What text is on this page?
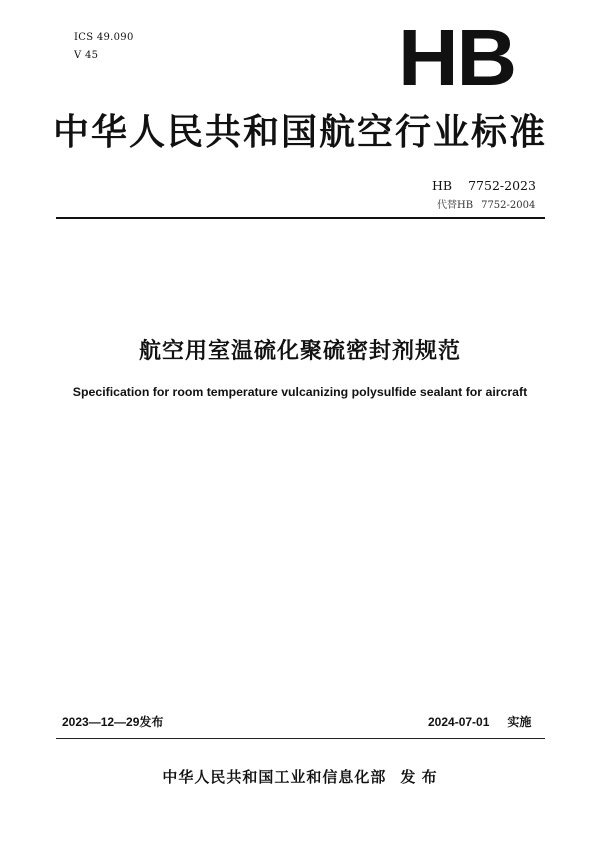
ICS 49.090
V 45	HB
中华人民共和国航空行业标准
HB 7752-2023
代替HB 7752-2004
航空用室温硫化聚硫密封剂规范
Specification for room temperature vulcanizing polysulfide sealant for aircraft
2023—12—29发布	2024-07-01 实施
中华人民共和国工业和信息化部 发 布
